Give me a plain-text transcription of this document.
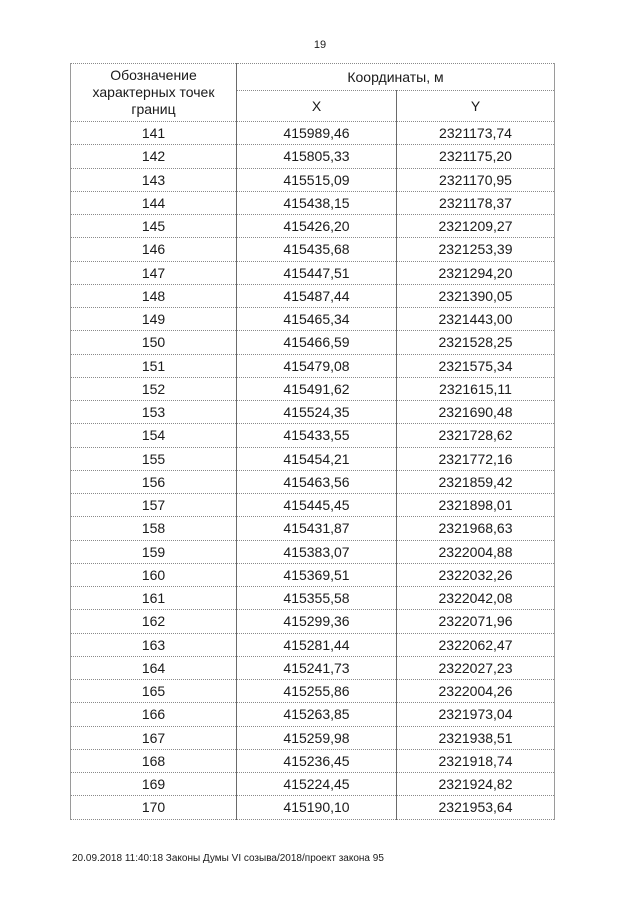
19
Обозначение характерных точек границ	Координаты, м	
	X	Y
141	415989,46	2321173,74
142	415805,33	2321175,20
143	415515,09	2321170,95
144	415438,15	2321178,37
145	415426,20	2321209,27
146	415435,68	2321253,39
147	415447,51	2321294,20
148	415487,44	2321390,05
149	415465,34	2321443,00
150	415466,59	2321528,25
151	415479,08	2321575,34
152	415491,62	2321615,11
153	415524,35	2321690,48
154	415433,55	2321728,62
155	415454,21	2321772,16
156	415463,56	2321859,42
157	415445,45	2321898,01
158	415431,87	2321968,63
159	415383,07	2322004,88
160	415369,51	2322032,26
161	415355,58	2322042,08
162	415299,36	2322071,96
163	415281,44	2322062,47
164	415241,73	2322027,23
165	415255,86	2322004,26
166	415263,85	2321973,04
167	415259,98	2321938,51
168	415236,45	2321918,74
169	415224,45	2321924,82
170	415190,10	2321953,64
20.09.2018 11:40:18 Законы Думы VI созыва/2018/проект закона 95
